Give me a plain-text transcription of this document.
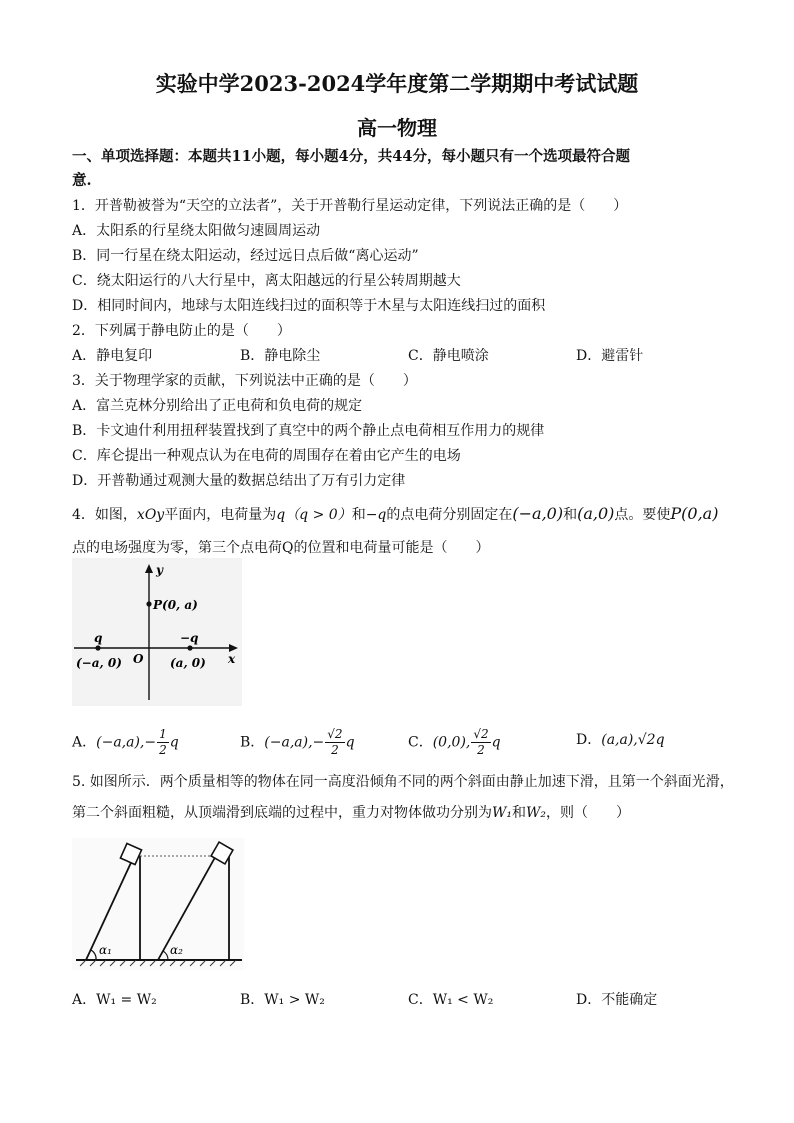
实验中学2023-2024学年度第二学期期中考试试题
高一物理
一、单项选择题：本题共11小题，每小题4分，共44分，每小题只有一个选项最符合题
意.
1．开普勒被誉为“天空的立法者”，关于开普勒行星运动定律，下列说法正确的是（　　）
A．太阳系的行星绕太阳做匀速圆周运动
B．同一行星在绕太阳运动，经过远日点后做“离心运动”
C．绕太阳运行的八大行星中，离太阳越远的行星公转周期越大
D．相同时间内，地球与太阳连线扫过的面积等于木星与太阳连线扫过的面积
2．下列属于静电防止的是（　　）
A．静电复印	B．静电除尘	C．静电喷涂	D．避雷针
3．关于物理学家的贡献，下列说法中正确的是（　　）
A．富兰克林分别给出了正电荷和负电荷的规定
B．卡文迪什利用扭秤装置找到了真空中的两个静止点电荷相互作用力的规律
C．库仑提出一种观点认为在电荷的周围存在着由它产生的电场
D．开普勒通过观测大量的数据总结出了万有引力定律
4．如图，xOy平面内，电荷量为q（q > 0）和−q的点电荷分别固定在(−a,0)和(a,0)点。要使P(0,a)
点的电场强度为零，第三个点电荷Q的位置和电荷量可能是（　　）
y
x
P(0, a)
q	−q
(−a, 0) O (a, 0)
A．$(-a,a),- \frac{1}{2}$ q	B．$(-a,a),- \frac{√2}{2}$ q	C．(0,0), $\frac{√2}{2}$ q	D．(a,a),√2q
5. 如图所示．两个质量相等的物体在同一高度沿倾角不同的两个斜面由静止加速下滑，且第一个斜面光滑，
第二个斜面粗糙，从顶端滑到底端的过程中，重力对物体做功分别为W₁和W₂，则（　　）
α₁	α₂
A．W₁ = W₂	B．W₁ > W₂	C．W₁ < W₂	D．不能确定
